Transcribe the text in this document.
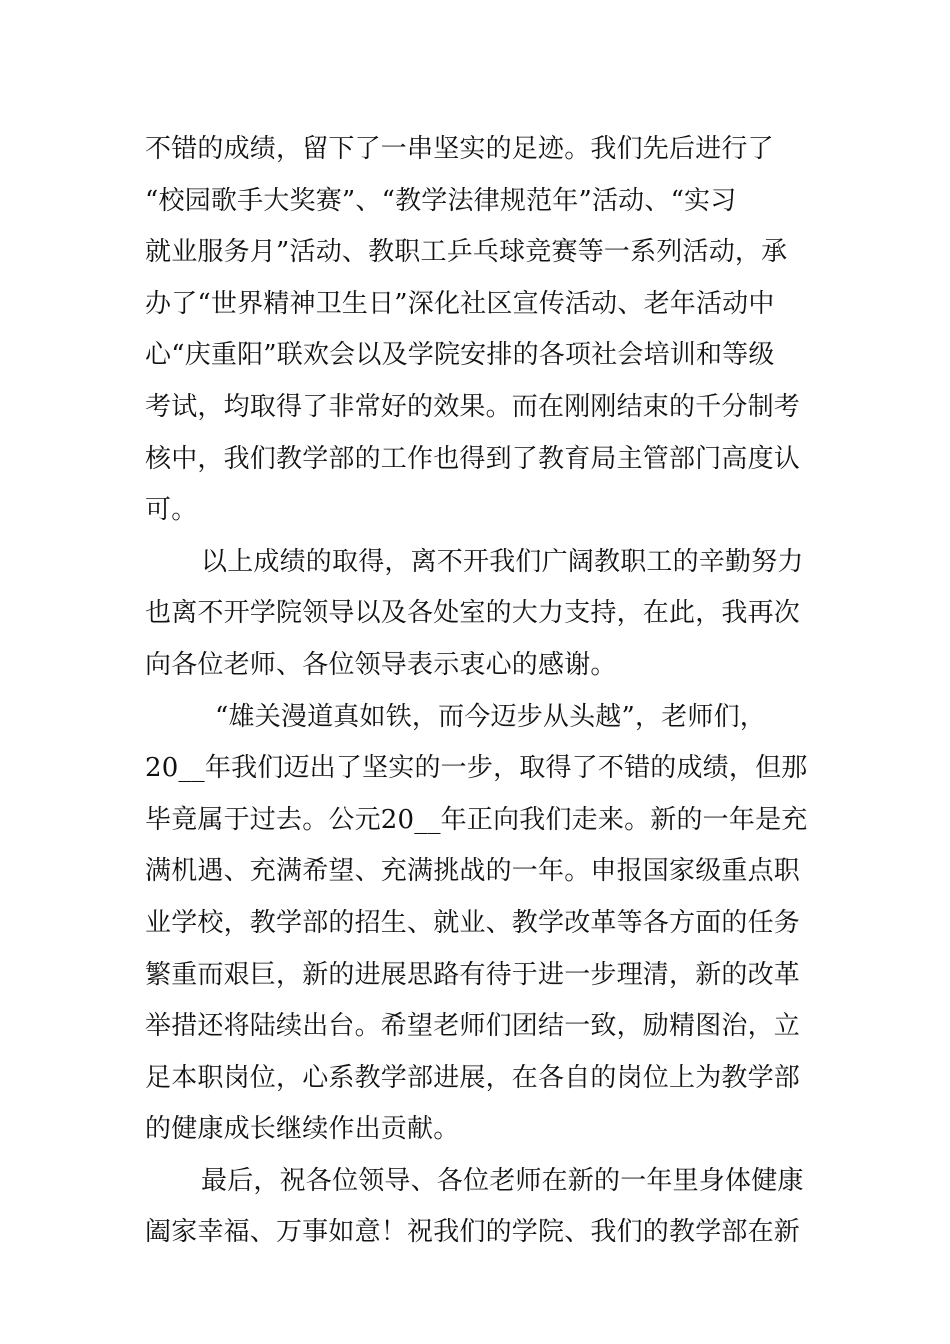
不错的成绩，留下了一串坚实的足迹。我们先后进行了
“校园歌手大奖赛”、“教学法律规范年”活动、“实习
就业服务月”活动、教职工乒乓球竞赛等一系列活动，承
办了“世界精神卫生日”深化社区宣传活动、老年活动中
心“庆重阳”联欢会以及学院安排的各项社会培训和等级
考试，均取得了非常好的效果。而在刚刚结束的千分制考
核中，我们教学部的工作也得到了教育局主管部门高度认
可。
以上成绩的取得，离不开我们广阔教职工的辛勤努力
也离不开学院领导以及各处室的大力支持，在此，我再次
向各位老师、各位领导表示衷心的感谢。
“雄关漫道真如铁，而今迈步从头越”，老师们，
20__年我们迈出了坚实的一步，取得了不错的成绩，但那
毕竟属于过去。公元20__年正向我们走来。新的一年是充
满机遇、充满希望、充满挑战的一年。申报国家级重点职
业学校，教学部的招生、就业、教学改革等各方面的任务
繁重而艰巨，新的进展思路有待于进一步理清，新的改革
举措还将陆续出台。希望老师们团结一致，励精图治，立
足本职岗位，心系教学部进展，在各自的岗位上为教学部
的健康成长继续作出贡献。
最后，祝各位领导、各位老师在新的一年里身体健康
阖家幸福、万事如意！祝我们的学院、我们的教学部在新
